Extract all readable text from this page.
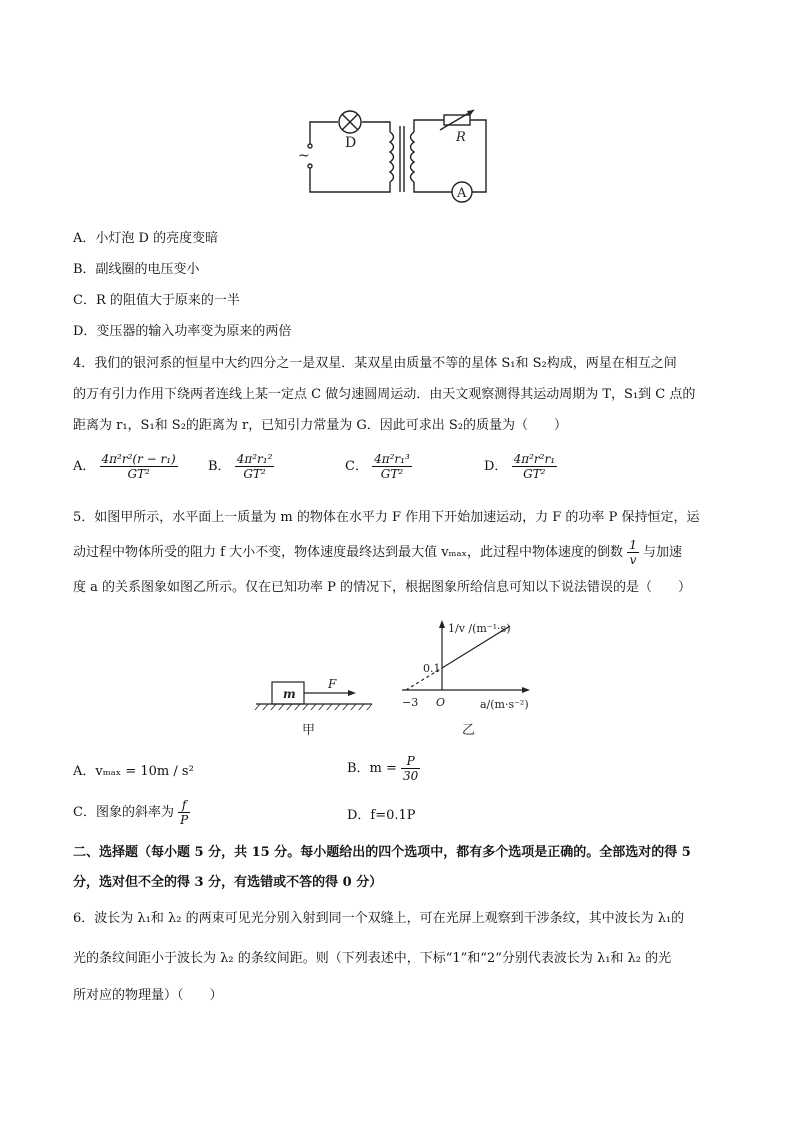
~
D	R
A
A．小灯泡 D 的亮度变暗
B．副线圈的电压变小
C．R 的阻值大于原来的一半
D．变压器的输入功率变为原来的两倍
4．我们的银河系的恒星中大约四分之一是双星．某双星由质量不等的星体 S₁和 S₂构成，两星在相互之间
的万有引力作用下绕两者连线上某一定点 C 做匀速圆周运动．由天文观察测得其运动周期为 T，S₁到 C 点的
距离为 r₁，S₁和 S₂的距离为 r，已知引力常量为 G．因此可求出 S₂的质量为（　　）
A． $\frac{\text{4π²r²(r − r₁)}}{\text{GT²}}$ B． $\frac{\text{4π²r₁²}}{\text{GT²}}$	C． $\frac{\text{4π²r₁³}}{\text{GT²}}$	D． $\frac{\text{4π²r²r₁}}{\text{GT²}}$
5．如图甲所示，水平面上一质量为 m 的物体在水平力 F 作用下开始加速运动，力 F 的功率 P 保持恒定，运
动过程中物体所受的阻力 f 大小不变，物体速度最终达到最大值 vₘₐₓ，此过程中物体速度的倒数 $\frac{1}{v}$ 与加速
度 a 的关系图象如图乙所示。仅在已知功率 P 的情况下，根据图象所给信息可知以下说法错误的是（　　）
m
F
甲
1/v /(m⁻¹·s)
0.1
−3 O	a/(m·s⁻²)
乙
A．vₘₐₓ = 10m / s²	B．$m = \frac{P}{30}$
C．图象的斜率为 $\frac{f}{P}$	D．f=0.1P
二、选择题（每小题 5 分，共 15 分。每小题给出的四个选项中，都有多个选项是正确的。全部选对的得 5
分，选对但不全的得 3 分，有选错或不答的得 0 分）
6．波长为 λ₁和 λ₂ 的两束可见光分别入射到同一个双缝上，可在光屏上观察到干涉条纹，其中波长为 λ₁的
光的条纹间距小于波长为 λ₂ 的条纹间距。则（下列表述中，下标“1”和“2”分别代表波长为 λ₁和 λ₂ 的光
所对应的物理量）（　　）
